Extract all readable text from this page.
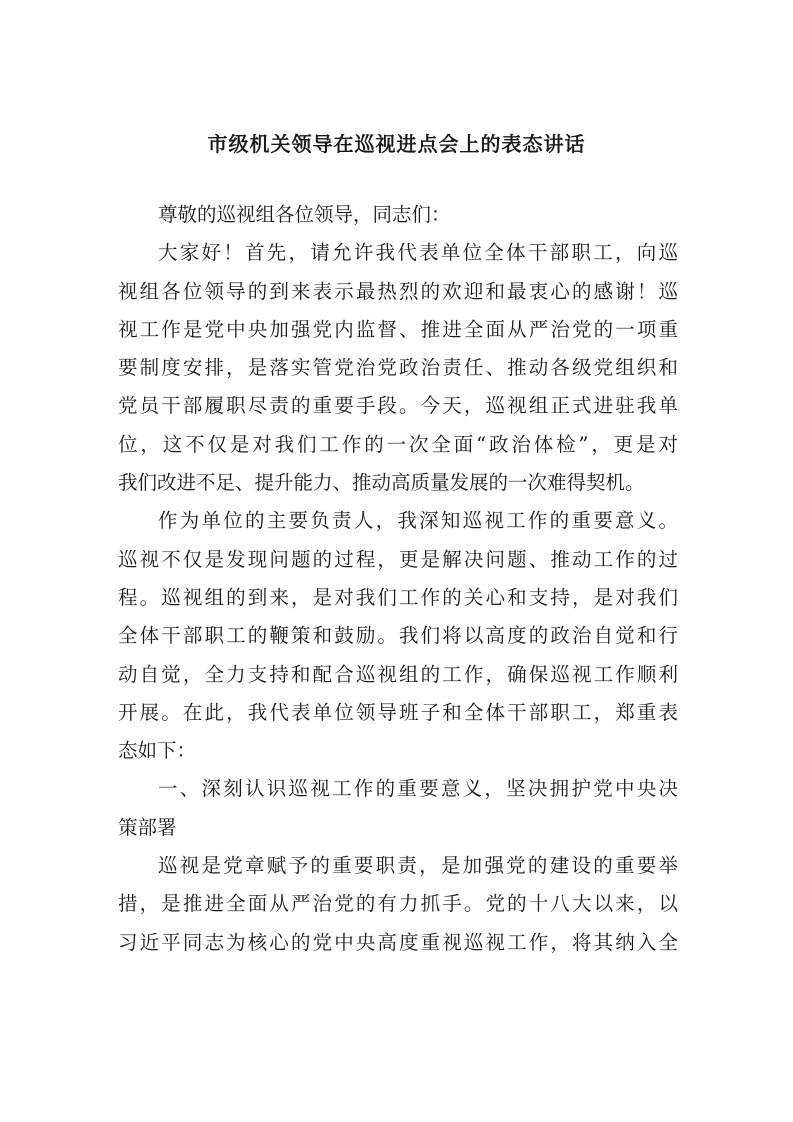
市级机关领导在巡视进点会上的表态讲话
尊敬的巡视组各位领导，同志们：
大家好！首先，请允许我代表单位全体干部职工，向巡
视组各位领导的到来表示最热烈的欢迎和最衷心的感谢！巡
视工作是党中央加强党内监督、推进全面从严治党的一项重
要制度安排，是落实管党治党政治责任、推动各级党组织和
党员干部履职尽责的重要手段。今天，巡视组正式进驻我单
位，这不仅是对我们工作的一次全面“政治体检”，更是对
我们改进不足、提升能力、推动高质量发展的一次难得契机。
作为单位的主要负责人，我深知巡视工作的重要意义。
巡视不仅是发现问题的过程，更是解决问题、推动工作的过
程。巡视组的到来，是对我们工作的关心和支持，是对我们
全体干部职工的鞭策和鼓励。我们将以高度的政治自觉和行
动自觉，全力支持和配合巡视组的工作，确保巡视工作顺利
开展。在此，我代表单位领导班子和全体干部职工，郑重表
态如下：
一、深刻认识巡视工作的重要意义，坚决拥护党中央决
策部署
巡视是党章赋予的重要职责，是加强党的建设的重要举
措，是推进全面从严治党的有力抓手。党的十八大以来，以
习近平同志为核心的党中央高度重视巡视工作，将其纳入全
